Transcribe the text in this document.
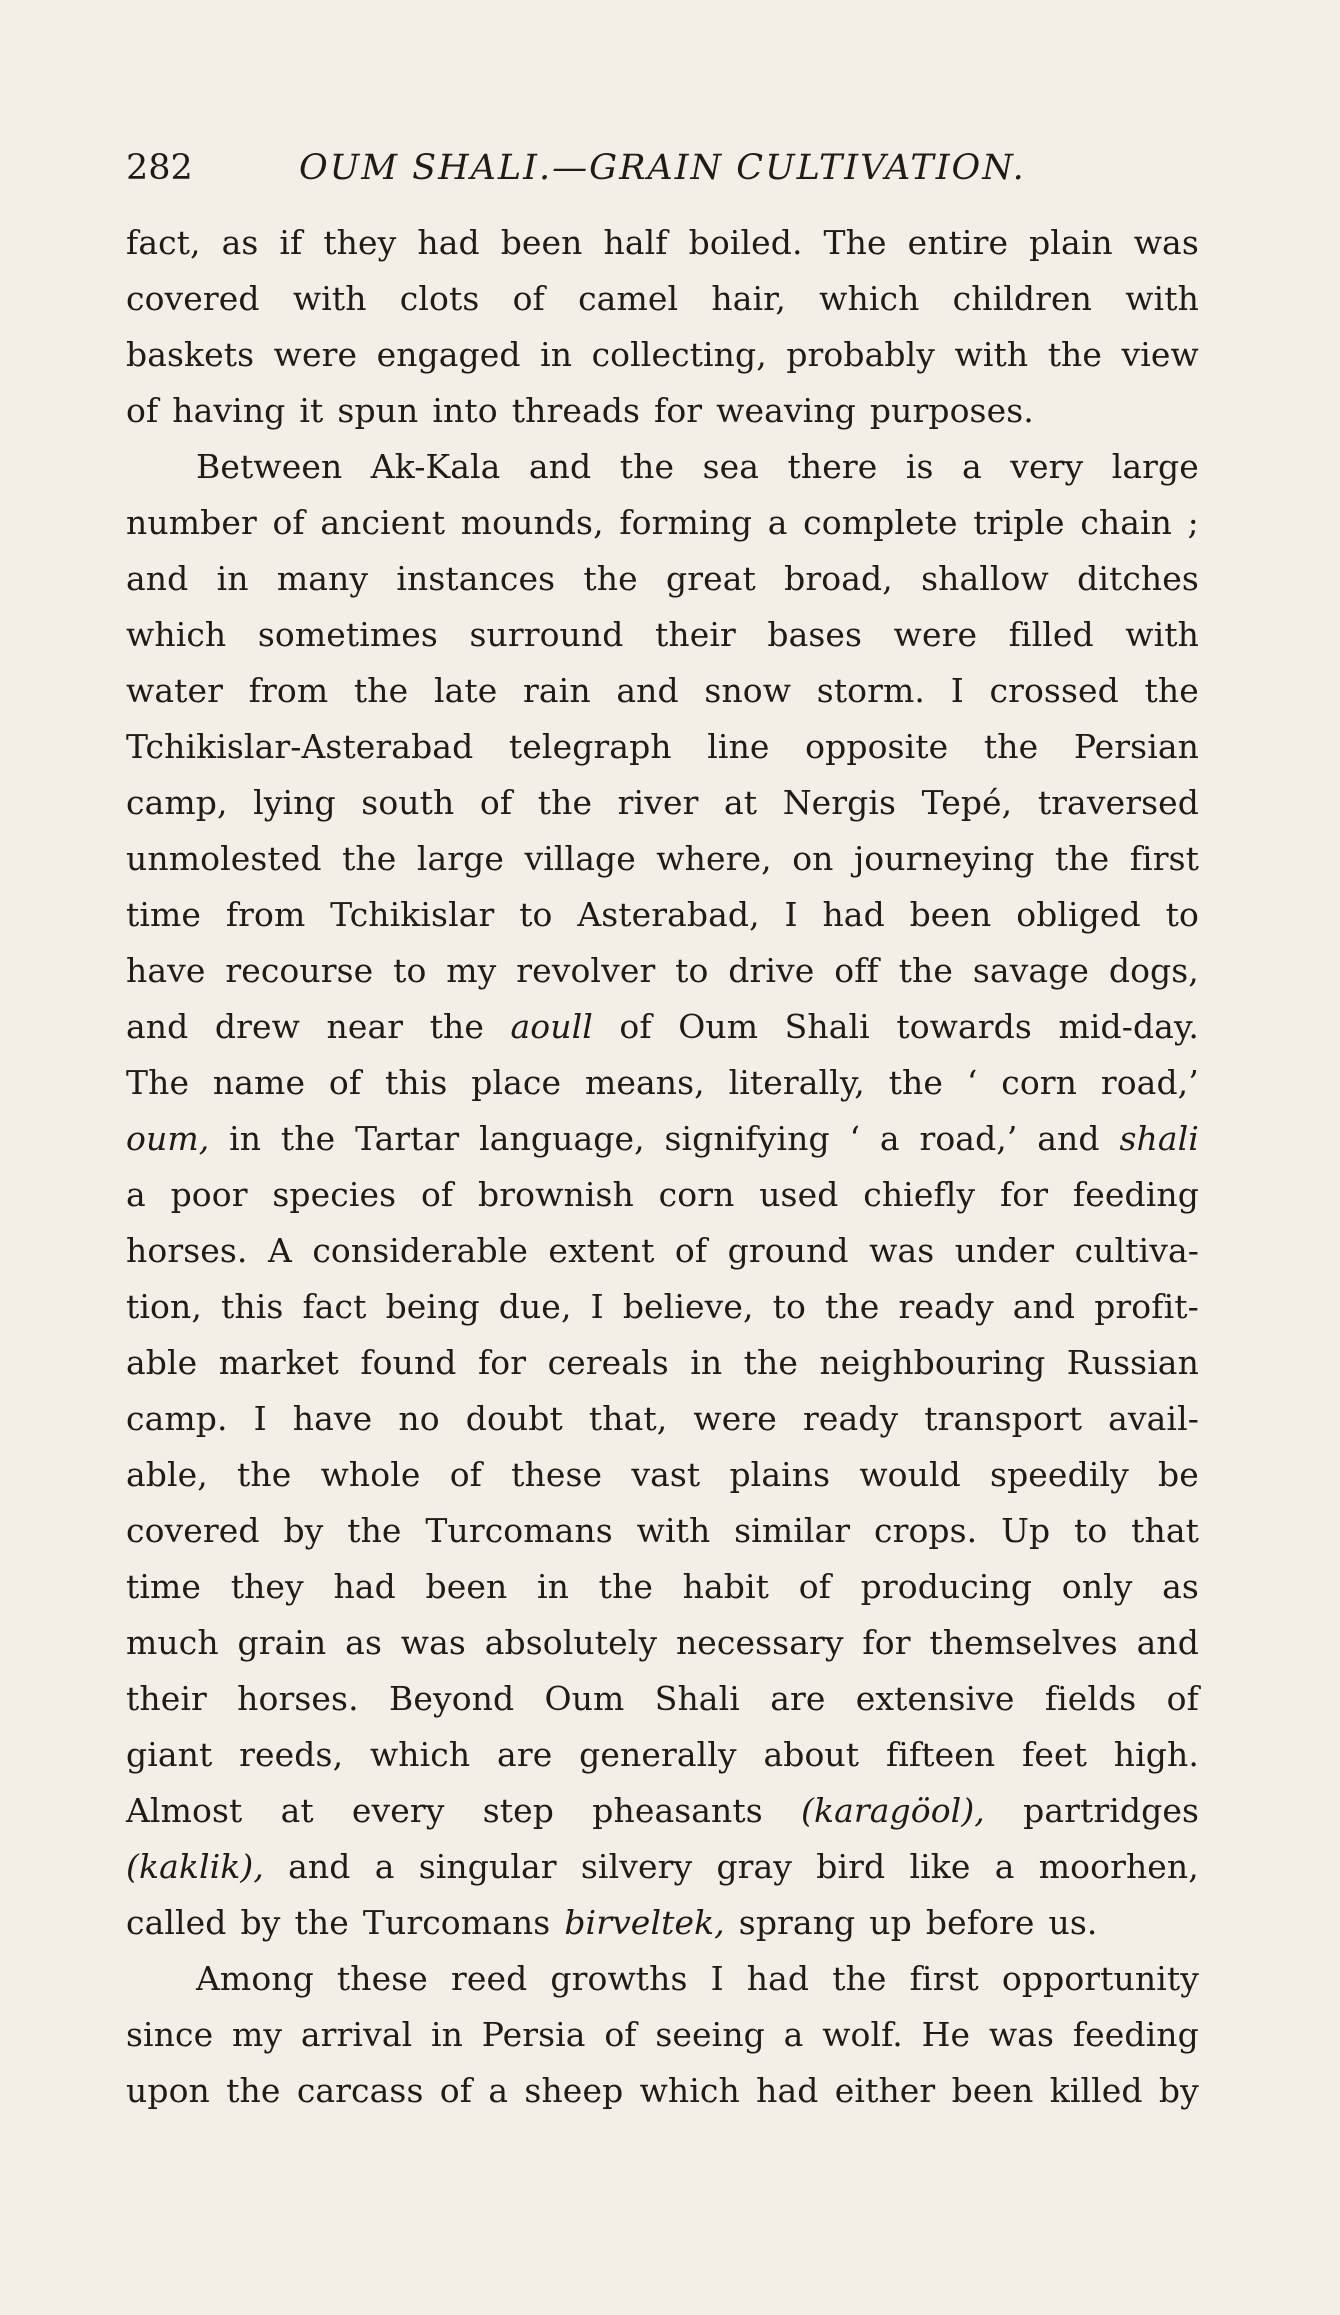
282	OUM SHALI.—GRAIN CULTIVATION.
fact, as if they had been half boiled. The entire plain was
covered with clots of camel hair, which children with
baskets were engaged in collecting, probably with the view
of having it spun into threads for weaving purposes.
Between Ak-Kala and the sea there is a very large
number of ancient mounds, forming a complete triple chain ;
and in many instances the great broad, shallow ditches
which sometimes surround their bases were filled with
water from the late rain and snow storm. I crossed the
Tchikislar-Asterabad telegraph line opposite the Persian
camp, lying south of the river at Nergis Tepé, traversed
unmolested the large village where, on journeying the first
time from Tchikislar to Asterabad, I had been obliged to
have recourse to my revolver to drive off the savage dogs,
and drew near the aoull of Oum Shali towards mid-day.
The name of this place means, literally, the ‘ corn road,’
oum, in the Tartar language, signifying ‘ a road,’ and shali
a poor species of brownish corn used chiefly for feeding
horses. A considerable extent of ground was under cultiva-
tion, this fact being due, I believe, to the ready and profit-
able market found for cereals in the neighbouring Russian
camp. I have no doubt that, were ready transport avail-
able, the whole of these vast plains would speedily be
covered by the Turcomans with similar crops. Up to that
time they had been in the habit of producing only as
much grain as was absolutely necessary for themselves and
their horses. Beyond Oum Shali are extensive fields of
giant reeds, which are generally about fifteen feet high.
Almost at every step pheasants (karagöol), partridges
(kaklik), and a singular silvery gray bird like a moorhen,
called by the Turcomans birveltek, sprang up before us.
Among these reed growths I had the first opportunity
since my arrival in Persia of seeing a wolf. He was feeding
upon the carcass of a sheep which had either been killed by
